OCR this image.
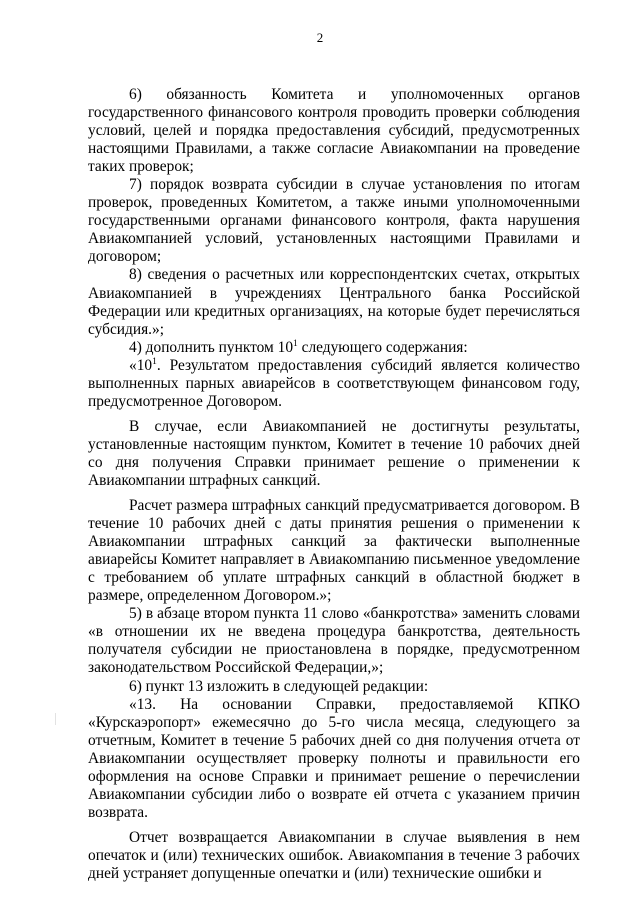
2

6) обязанность Комитета и уполномоченных органов государственного финансового контроля проводить проверки соблюдения условий, целей и порядка предоставления субсидий, предусмотренных настоящими Правилами, а также согласие Авиакомпании на проведение таких проверок;

7) порядок возврата субсидии в случае установления по итогам проверок, проведенных Комитетом, а также иными уполномоченными государственными органами финансового контроля, факта нарушения Авиакомпанией условий, установленных настоящими Правилами и договором;

8) сведения о расчетных или корреспондентских счетах, открытых Авиакомпанией в учреждениях Центрального банка Российской Федерации или кредитных организациях, на которые будет перечисляться субсидия.»;

4) дополнить пунктом $10^1$ следующего содержания:

«$10^1$. Результатом предоставления субсидий является количество выполненных парных авиарейсов в соответствующем финансовом году, предусмотренное Договором.

В случае, если Авиакомпанией не достигнуты результаты, установленные настоящим пунктом, Комитет в течение 10 рабочих дней со дня получения Справки принимает решение о применении к Авиакомпании штрафных санкций.

Расчет размера штрафных санкций предусматривается договором. В течение 10 рабочих дней с даты принятия решения о применении к Авиакомпании штрафных санкций за фактически выполненные авиарейсы Комитет направляет в Авиакомпанию письменное уведомление с требованием об уплате штрафных санкций в областной бюджет в размере, определенном Договором.»;

5) в абзаце втором пункта 11 слово «банкротства» заменить словами «в отношении их не введена процедура банкротства, деятельность получателя субсидии не приостановлена в порядке, предусмотренном законодательством Российской Федерации,»;

6) пункт 13 изложить в следующей редакции:

«13. На основании Справки, предоставляемой КПКО «Курскаэропорт» ежемесячно до 5-го числа месяца, следующего за отчетным, Комитет в течение 5 рабочих дней со дня получения отчета от Авиакомпании осуществляет проверку полноты и правильности его оформления на основе Справки и принимает решение о перечислении Авиакомпании субсидии либо о возврате ей отчета с указанием причин возврата.

Отчет возвращается Авиакомпании в случае выявления в нем опечаток и (или) технических ошибок. Авиакомпания в течение 3 рабочих дней устраняет допущенные опечатки и (или) технические ошибки и
